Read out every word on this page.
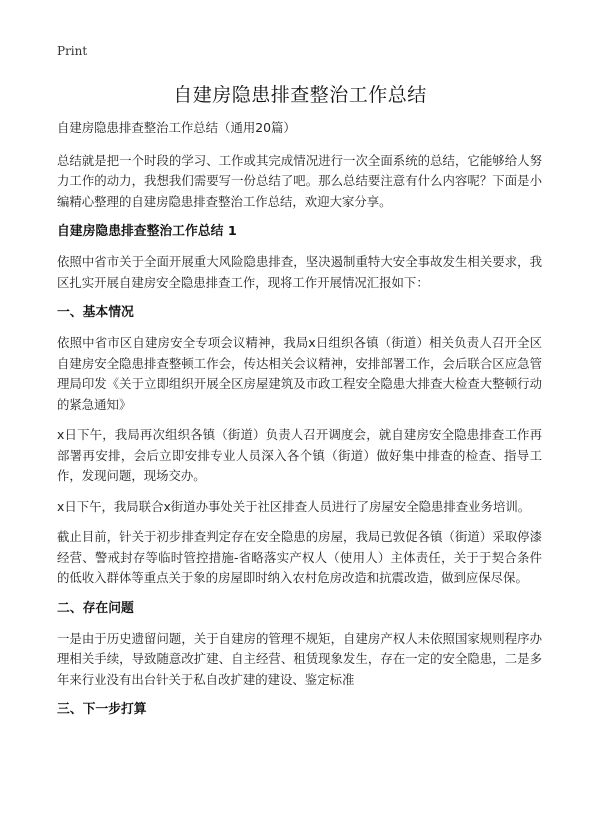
Print
自建房隐患排查整治工作总结

自建房隐患排查整治工作总结（通用20篇）

总结就是把一个时段的学习、工作或其完成情况进行一次全面系统的总结，它能够给人努力工作的动力，我想我们需要写一份总结了吧。那么总结要注意有什么内容呢？下面是小编精心整理的自建房隐患排查整治工作总结，欢迎大家分享。

自建房隐患排查整治工作总结 1

依照中省市关于全面开展重大风险隐患排查，坚决遏制重特大安全事故发生相关要求，我区扎实开展自建房安全隐患排查工作，现将工作开展情况汇报如下：

一、基本情况

依照中省市区自建房安全专项会议精神，我局x日组织各镇（街道）相关负责人召开全区自建房安全隐患排查整顿工作会，传达相关会议精神，安排部署工作，会后联合区应急管理局印发《关于立即组织开展全区房屋建筑及市政工程安全隐患大排查大检查大整顿行动的紧急通知》

x日下午，我局再次组织各镇（街道）负责人召开调度会，就自建房安全隐患排查工作再部署再安排，会后立即安排专业人员深入各个镇（街道）做好集中排查的检查、指导工作，发现问题，现场交办。

x日下午，我局联合x街道办事处关于社区排查人员进行了房屋安全隐患排查业务培训。

截止目前，针关于初步排查判定存在安全隐患的房屋，我局已敦促各镇（街道）采取停漆经营、警戒封存等临时管控措施-省略落实产权人（使用人）主体责任，关于于契合条件的低收入群体等重点关于象的房屋即时纳入农村危房改造和抗震改造，做到应保尽保。

二、存在问题

一是由于历史遗留问题，关于自建房的管理不规矩，自建房产权人未依照国家规则程序办理相关手续，导致随意改扩建、自主经营、租赁现象发生，存在一定的安全隐患，二是多年来行业没有出台针关于私自改扩建的建设、鉴定标准

三、下一步打算
